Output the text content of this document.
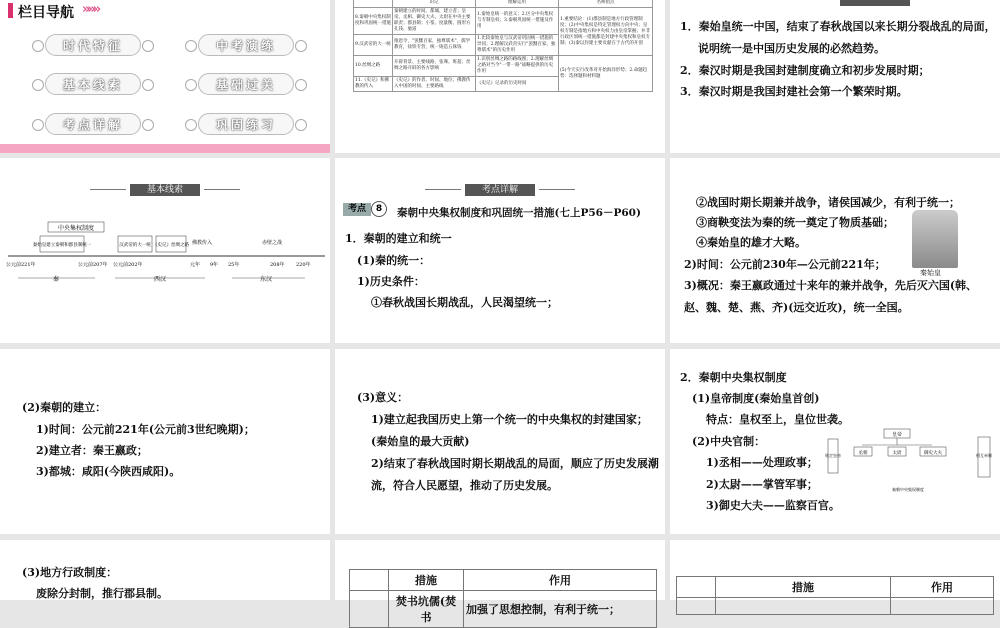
栏目导航 »»»
时代特征	中考演练
基本线索	基础过关
考点详解	巩固练习
	识记	理解运用	名师指点
8.秦朝中央集权制度和巩固统一措施	秦朝建立的时间、都城、建立者；皇帝、丞相、御史大夫、太尉在中央主要职责；郡县制；小篆、度量衡、圆形方孔钱、驰道	1.秦始皇统一的意义；2.区分中央集权与专制皇权；3.秦朝巩固统一措施及作用	1.重要结论：(1)郡县制是地方行政管理制度；(2)中央集权是特定管理权力向中央；皇权专制是指地方和中央权力由皇帝掌握；并非行政区划统一措施都是封建中央集权和皇权专制；(3)秦以封建主要贡献在于古代的开创
9.汉武帝的大一统	推恩令，"罢黜百家，独尊儒术"，儒学教育，盐铁专营，统一铸造五铢钱	1.比较秦始皇与汉武帝巩固统一措施的异同；2.理解汉武帝实行"罢黜百家，独尊儒术"的历史作用	
10.丝绸之路	开辟背景、主要线路，张骞、班超；丝绸之路开辟的各方影响	1.识别丝绸之路的路线图；2.理解丝绸之路对当今"一带一路"战略提供的历史作用	(5)今天实行改革对开始海洋形势；2.命题趋势：选择题和材料题
11.《史记》和佛教的传入	《史记》的作者、时间、地位；佛教传入中国的时间、主要路线	《史记》记录的历史时间	
1．秦始皇统一中国，结束了春秋战国以来长期分裂战乱的局面，
说明统一是中国历史发展的必然趋势。
2．秦汉时期是我国封建制度确立和初步发展时期；
3．秦汉时期是我国封建社会第一个繁荣时期。
基本线索
中央集权制度
秦始皇建立秦朝和郡县制统一	汉武帝的大一统 《史记》丝绸之路 佛教传入	赤壁之战
公元前221年	公元前207年 公元前202年	元年 9年 25年	208年 220年
秦	西汉	东汉
考点详解
考点	8	秦朝中央集权制度和巩固统一措施(七上P56－P60)
1．秦朝的建立和统一
(1)秦的统一：
1)历史条件：
①春秋战国长期战乱，人民渴望统一；
②战国时期长期兼并战争，诸侯国减少，有利于统一；
③商鞅变法为秦的统一奠定了物质基础；
④秦始皇的雄才大略。
2)时间：公元前230年—公元前221年；
3)概况：秦王嬴政通过十来年的兼并战争，先后灭六国(韩、
赵、魏、楚、燕、齐)(远交近攻)，统一全国。
秦始皇
(2)秦朝的建立：
1)时间：公元前221年(公元前3世纪晚期)；
2)建立者：秦王嬴政；
3)都城：咸阳(今陕西咸阳)。
(3)意义：
1)建立起我国历史上第一个统一的中央集权的封建国家；
(秦始皇的最大贡献)
2)结束了春秋战国时期长期战乱的局面，顺应了历史发展潮
流，符合人民愿望，推动了历史发展。
2．秦朝中央集权制度
(1)皇帝制度(秦始皇首创)
特点：皇权至上，皇位世袭。
(2)中央官制：
1)丞相——处理政事；
2)太尉——掌管军事；
3)御史大夫——监察百官。
规定皇帝
皇帝
丞相	太尉	御史大夫	相互牵制
秦朝中央集权制度
(3)地方行政制度：
废除分封制，推行郡县制。
	措施	作用
	焚书坑儒(焚书	加强了思想控制，有利于统一；
	措施	作用
